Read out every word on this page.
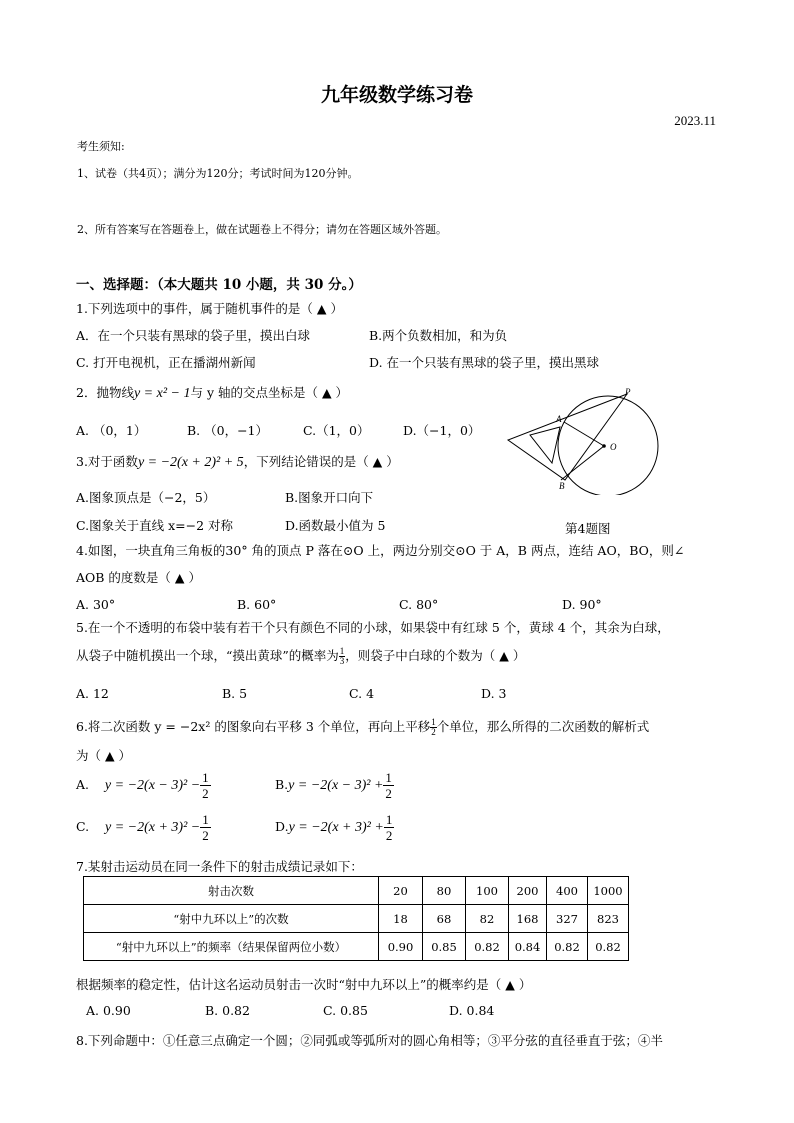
九年级数学练习卷
2023.11
考生须知:
1、试卷（共4页）；满分为120分；考试时间为120分钟。
2、所有答案写在答题卷上，做在试题卷上不得分；请勿在答题区域外答题。
一、选择题：（本大题共 10 小题，共 30 分。）
1.下列选项中的事件，属于随机事件的是（ ▲ ）
A．在一个只装有黑球的袋子里，摸出白球	B.两个负数相加，和为负
C. 打开电视机，正在播湖州新闻	D. 在一个只装有黑球的袋子里，摸出黑球
2．抛物线y = x² − 1与 y 轴的交点坐标是（ ▲ ）
A. （0，1）	B. （0，−1）	C.（1，0）	D.（−1，0）
3.对于函数y = −2(x + 2)² + 5，下列结论错误的是（ ▲ ）
A.图象顶点是（−2，5）	B.图象开口向下
C.图象关于直线 x=−2 对称	D.函数最小值为 5
P
A
O
B
第4题图
4.如图，一块直角三角板的30° 角的顶点 P 落在⊙O 上，两边分别交⊙O 于 A，B 两点，连结 AO，BO，则∠
AOB 的度数是（ ▲ ）
A. 30°	B. 60°	C. 80°	D. 90°
5.在一个不透明的布袋中装有若干个只有颜色不同的小球，如果袋中有红球 5 个，黄球 4 个，其余为白球，
从袋子中随机摸出一个球，“摸出黄球”的概率为 $\frac{1}{3}$ ，则袋子中白球的个数为（ ▲ ）
A. 12	B. 5	C. 4	D. 3
6.将二次函数 y = −2x² 的图象向右平移 3 个单位，再向上平移 $\frac{1}{2}$ 个单位，那么所得的二次函数的解析式
为（ ▲ ）
A. $y = -2(x - 3)^2 - \frac{1}{2}$	$B.y = -2(x - 3)^2 + \frac{1}{2}$
C. $y = -2(x + 3)^2 - \frac{1}{2}$	$D.y = -2(x + 3)^2 + \frac{1}{2}$
7.某射击运动员在同一条件下的射击成绩记录如下：
射击次数	20	80	100	200	400	1000
“射中九环以上”的次数	18	68	82	168	327	823
“射中九环以上”的频率（结果保留两位小数）	0.90	0.85	0.82	0.84	0.82	0.82
根据频率的稳定性，估计这名运动员射击一次时“射中九环以上”的概率约是（ ▲ ）
A. 0.90	B. 0.82	C. 0.85	D. 0.84
8.下列命题中：①任意三点确定一个圆；②同弧或等弧所对的圆心角相等；③平分弦的直径垂直于弦；④半
